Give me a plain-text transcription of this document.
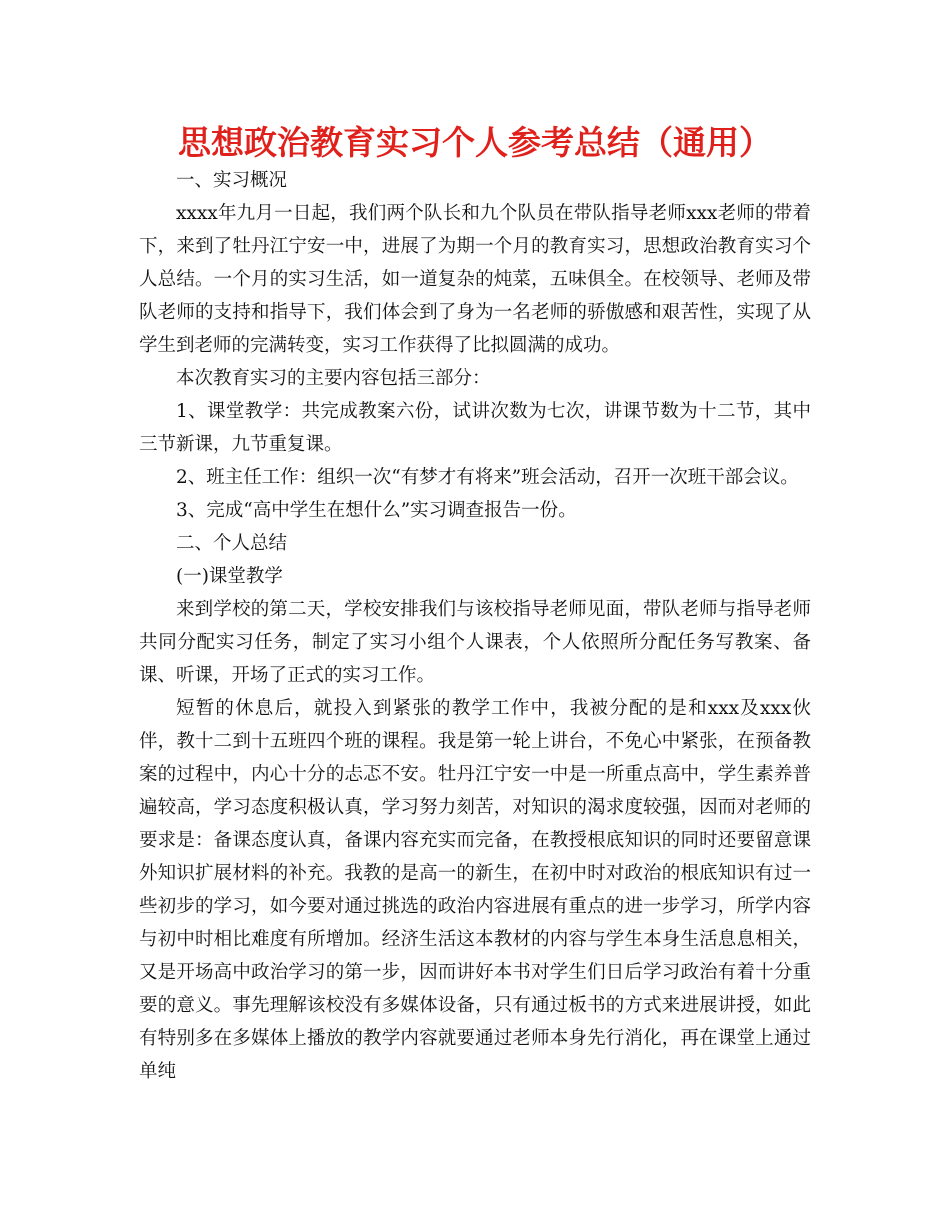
思想政治教育实习个人参考总结（通用）

一、实习概况

xxxx年九月一日起，我们两个队长和九个队员在带队指导老师xxx老师的带着下，来到了牡丹江宁安一中，进展了为期一个月的教育实习，思想政治教育实习个人总结。一个月的实习生活，如一道复杂的炖菜，五味俱全。在校领导、老师及带队老师的支持和指导下，我们体会到了身为一名老师的骄傲感和艰苦性，实现了从学生到老师的完满转变，实习工作获得了比拟圆满的成功。

本次教育实习的主要内容包括三部分：

1、课堂教学：共完成教案六份，试讲次数为七次，讲课节数为十二节，其中三节新课，九节重复课。

2、班主任工作：组织一次“有梦才有将来”班会活动，召开一次班干部会议。

3、完成“高中学生在想什么”实习调查报告一份。

二、个人总结

(一)课堂教学

来到学校的第二天，学校安排我们与该校指导老师见面，带队老师与指导老师共同分配实习任务，制定了实习小组个人课表，个人依照所分配任务写教案、备课、听课，开场了正式的实习工作。

短暂的休息后，就投入到紧张的教学工作中，我被分配的是和xxx及xxx伙伴，教十二到十五班四个班的课程。我是第一轮上讲台，不免心中紧张，在预备教案的过程中，内心十分的忐忑不安。牡丹江宁安一中是一所重点高中，学生素养普遍较高，学习态度积极认真，学习努力刻苦，对知识的渴求度较强，因而对老师的要求是：备课态度认真，备课内容充实而完备，在教授根底知识的同时还要留意课外知识扩展材料的补充。我教的是高一的新生，在初中时对政治的根底知识有过一些初步的学习，如今要对通过挑选的政治内容进展有重点的进一步学习，所学内容与初中时相比难度有所增加。经济生活这本教材的内容与学生本身生活息息相关，又是开场高中政治学习的第一步，因而讲好本书对学生们日后学习政治有着十分重要的意义。事先理解该校没有多媒体设备，只有通过板书的方式来进展讲授，如此有特别多在多媒体上播放的教学内容就要通过老师本身先行消化，再在课堂上通过单纯
